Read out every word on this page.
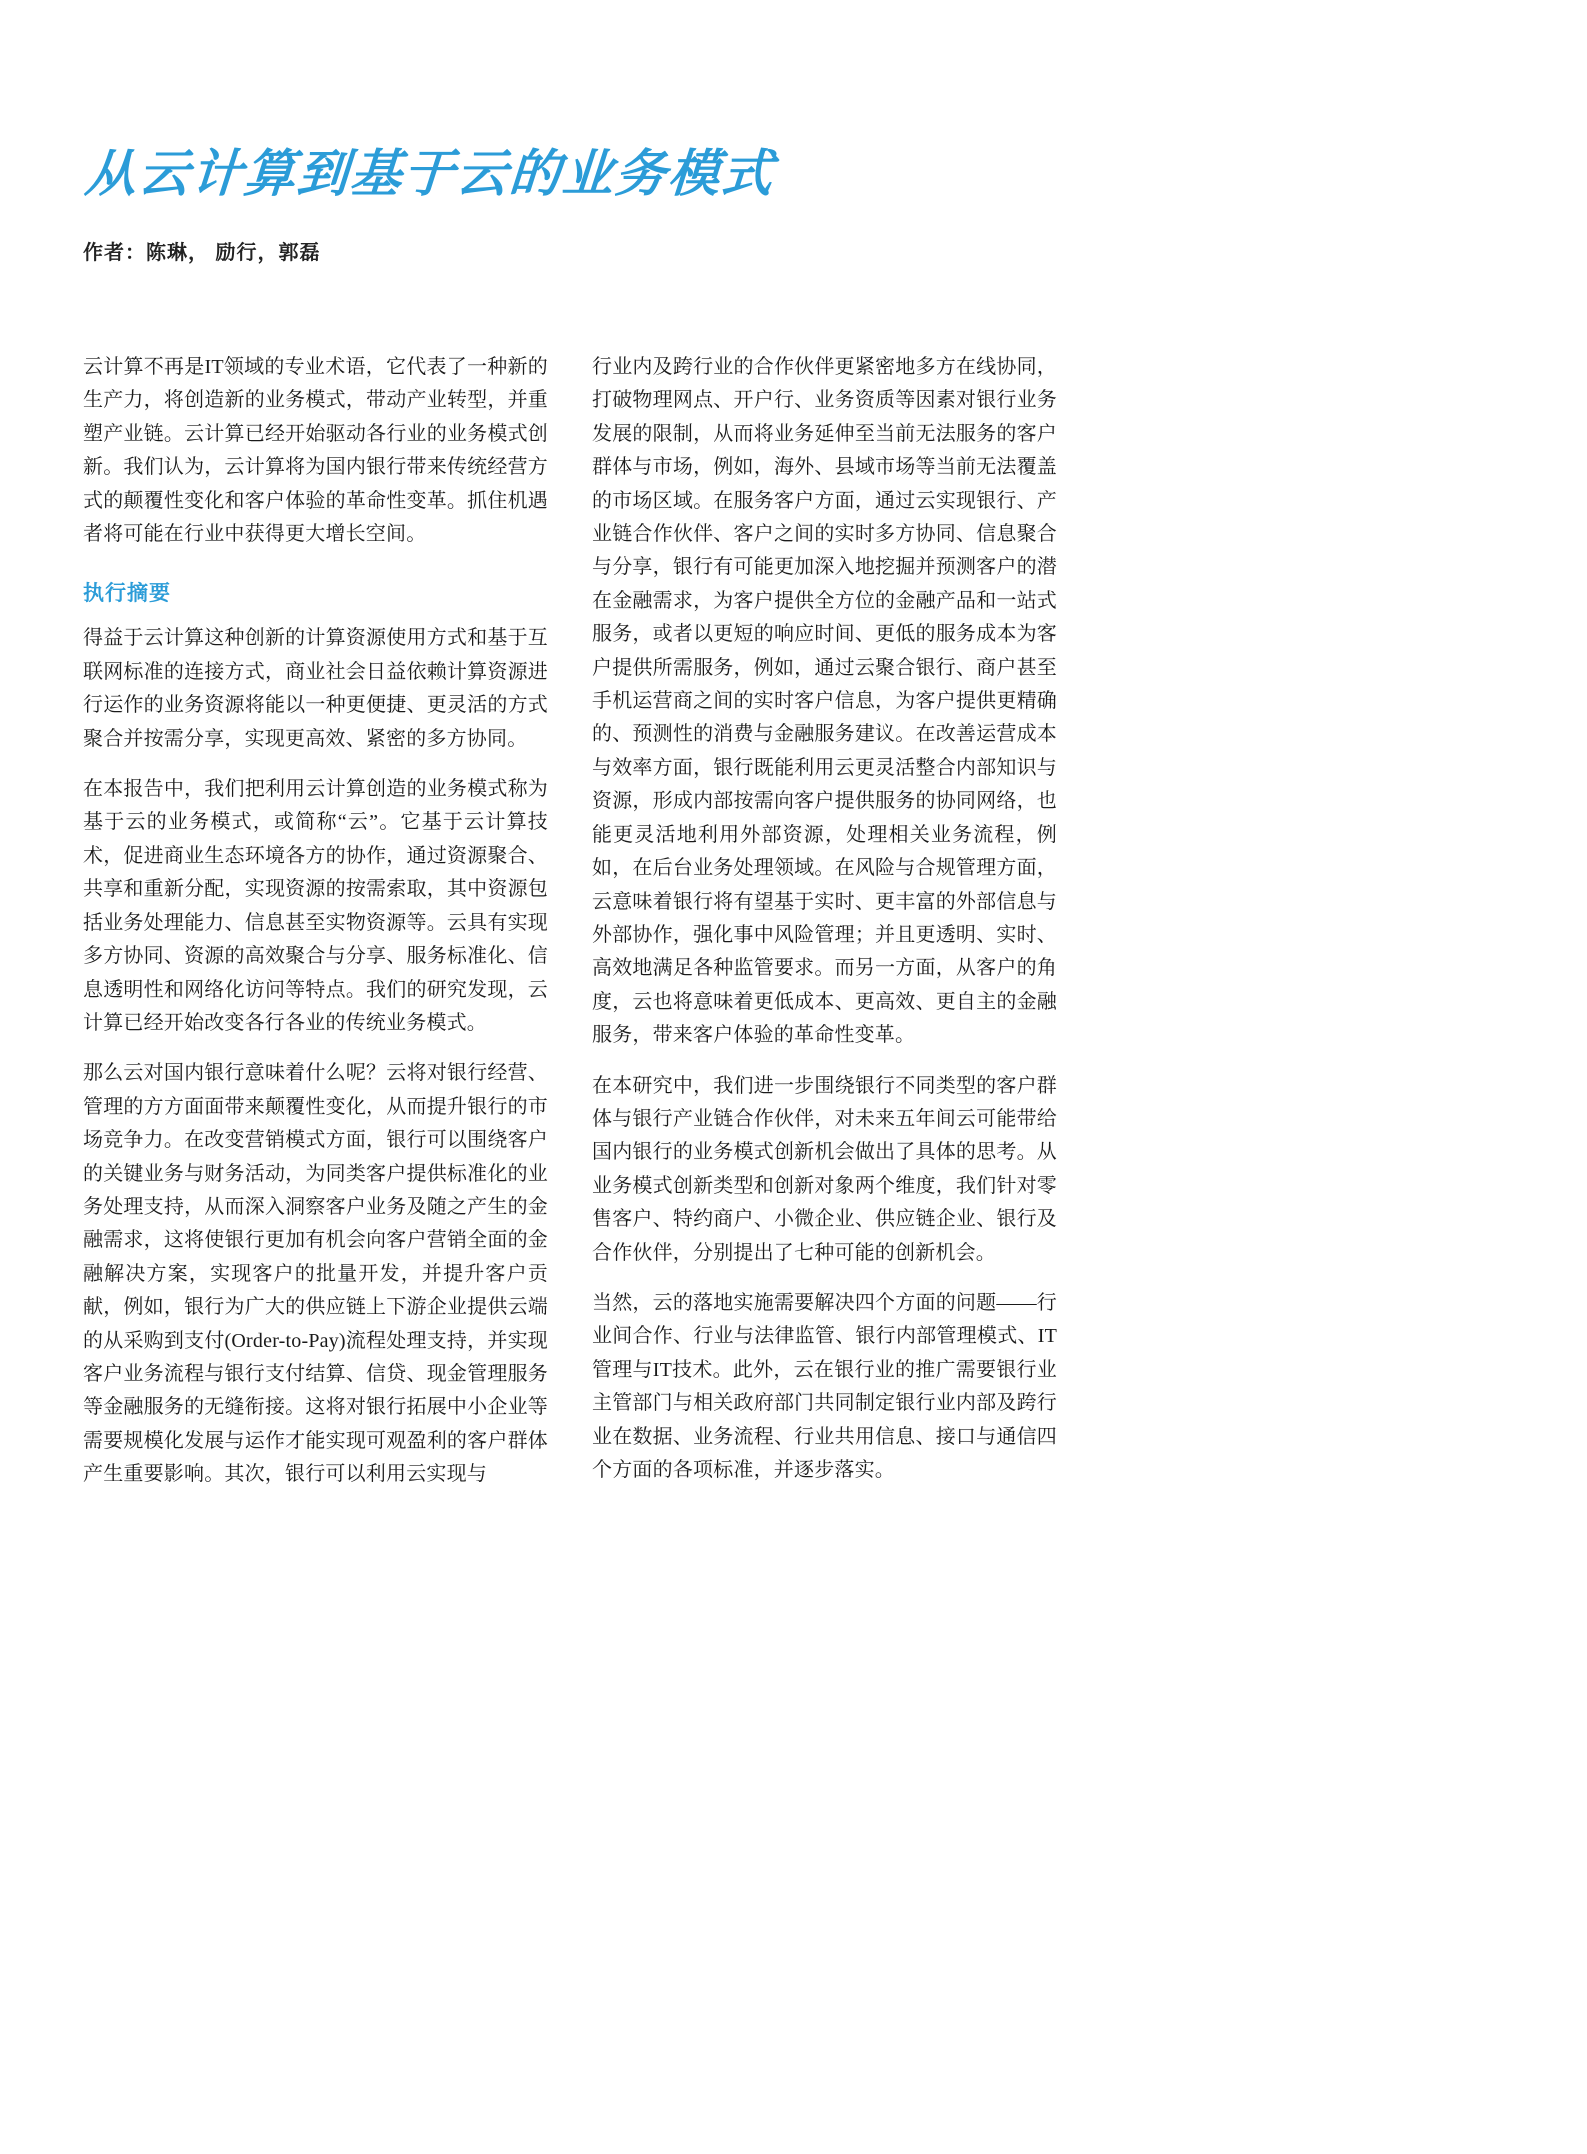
从云计算到基于云的业务模式
作者：陈琳， 励行，郭磊

云计算不再是IT领域的专业术语，它代表了一种新的生产力，将创造新的业务模式，带动产业转型，并重塑产业链。云计算已经开始驱动各行业的业务模式创新。我们认为，云计算将为国内银行带来传统经营方式的颠覆性变化和客户体验的革命性变革。抓住机遇者将可能在行业中获得更大增长空间。

执行摘要

得益于云计算这种创新的计算资源使用方式和基于互联网标准的连接方式，商业社会日益依赖计算资源进行运作的业务资源将能以一种更便捷、更灵活的方式聚合并按需分享，实现更高效、紧密的多方协同。

在本报告中，我们把利用云计算创造的业务模式称为基于云的业务模式，或简称“云”。它基于云计算技术，促进商业生态环境各方的协作，通过资源聚合、共享和重新分配，实现资源的按需索取，其中资源包括业务处理能力、信息甚至实物资源等。云具有实现多方协同、资源的高效聚合与分享、服务标准化、信息透明性和网络化访问等特点。我们的研究发现，云计算已经开始改变各行各业的传统业务模式。

那么云对国内银行意味着什么呢？云将对银行经营、管理的方方面面带来颠覆性变化，从而提升银行的市场竞争力。在改变营销模式方面，银行可以围绕客户的关键业务与财务活动，为同类客户提供标准化的业务处理支持，从而深入洞察客户业务及随之产生的金融需求，这将使银行更加有机会向客户营销全面的金融解决方案，实现客户的批量开发，并提升客户贡献，例如，银行为广大的供应链上下游企业提供云端的从采购到支付(Order-to-Pay)流程处理支持，并实现客户业务流程与银行支付结算、信贷、现金管理服务等金融服务的无缝衔接。这将对银行拓展中小企业等需要规模化发展与运作才能实现可观盈利的客户群体产生重要影响。其次，银行可以利用云实现与

行业内及跨行业的合作伙伴更紧密地多方在线协同，打破物理网点、开户行、业务资质等因素对银行业务发展的限制，从而将业务延伸至当前无法服务的客户群体与市场，例如，海外、县域市场等当前无法覆盖的市场区域。在服务客户方面，通过云实现银行、产业链合作伙伴、客户之间的实时多方协同、信息聚合与分享，银行有可能更加深入地挖掘并预测客户的潜在金融需求，为客户提供全方位的金融产品和一站式服务，或者以更短的响应时间、更低的服务成本为客户提供所需服务，例如，通过云聚合银行、商户甚至手机运营商之间的实时客户信息，为客户提供更精确的、预测性的消费与金融服务建议。在改善运营成本与效率方面，银行既能利用云更灵活整合内部知识与资源，形成内部按需向客户提供服务的协同网络，也能更灵活地利用外部资源，处理相关业务流程，例如，在后台业务处理领域。在风险与合规管理方面，云意味着银行将有望基于实时、更丰富的外部信息与外部协作，强化事中风险管理；并且更透明、实时、高效地满足各种监管要求。而另一方面，从客户的角度，云也将意味着更低成本、更高效、更自主的金融服务，带来客户体验的革命性变革。

在本研究中，我们进一步围绕银行不同类型的客户群体与银行产业链合作伙伴，对未来五年间云可能带给国内银行的业务模式创新机会做出了具体的思考。从业务模式创新类型和创新对象两个维度，我们针对零售客户、特约商户、小微企业、供应链企业、银行及合作伙伴，分别提出了七种可能的创新机会。

当然，云的落地实施需要解决四个方面的问题——行业间合作、行业与法律监管、银行内部管理模式、IT管理与IT技术。此外，云在银行业的推广需要银行业主管部门与相关政府部门共同制定银行业内部及跨行业在数据、业务流程、行业共用信息、接口与通信四个方面的各项标准，并逐步落实。
